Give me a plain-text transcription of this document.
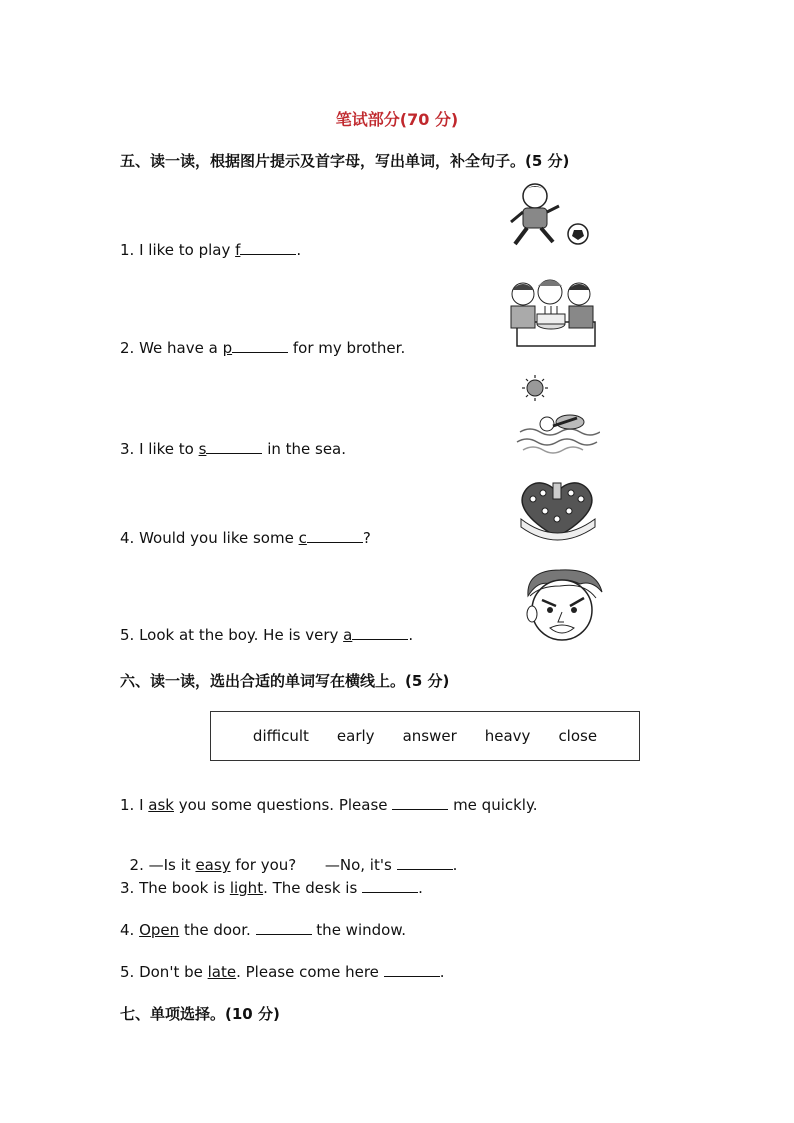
笔试部分(70 分)
五、读一读，根据图片提示及首字母，写出单词，补全句子。(5 分)
1. I like to play f	.
2. We have a p	for my brother.
3. I like to s	in the sea.
4. Would you like some c	?
5. Look at the boy. He is very a	.
六、读一读，选出合适的单词写在横线上。(5 分)
difficult early answer heavy close
1. I ask you some questions. Please	me quickly.

2. —Is it easy for you?      —No, it's	.

3. The book is light. The desk is	.
4. Open the door.	the window.
5. Don't be late. Please come here	.
七、单项选择。(10 分)
